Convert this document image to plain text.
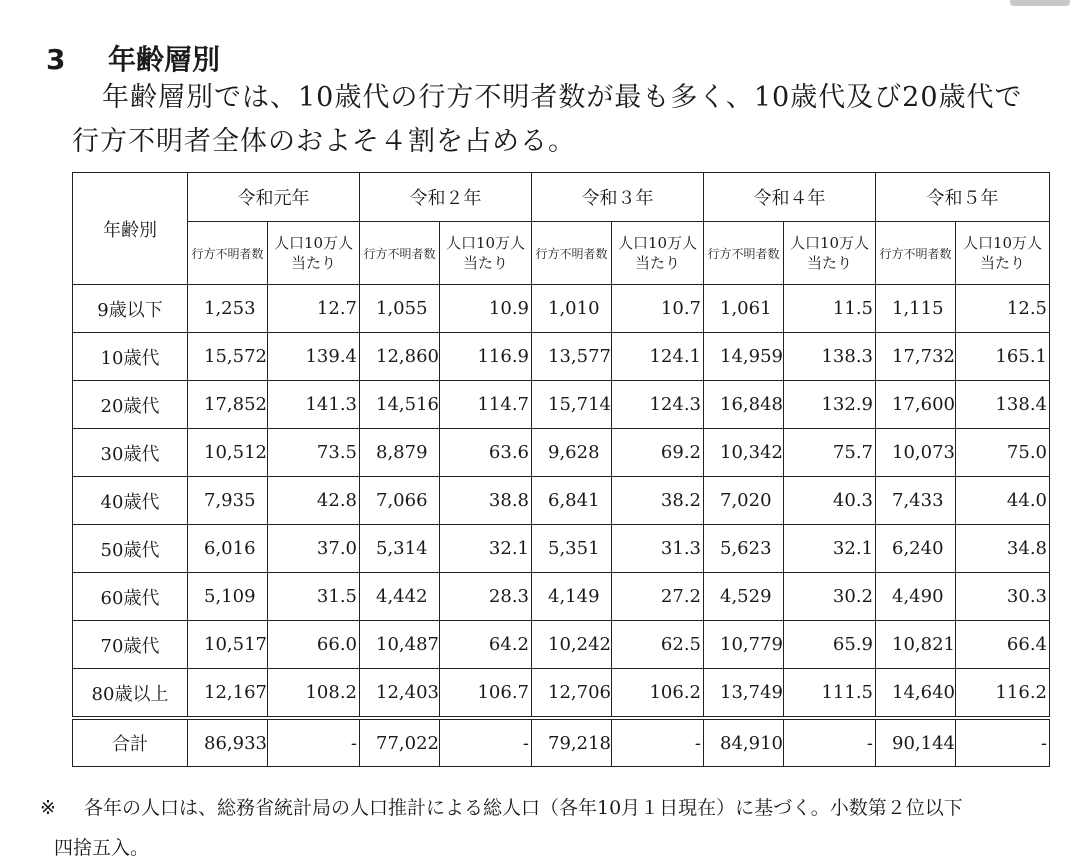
3 年齢層別
年齢層別では、10歳代の行方不明者数が最も多く、10歳代及び20歳代で
行方不明者全体のおよそ４割を占める。
年齢別	令和元年		令和２年		令和３年		令和４年		令和５年	
	行方不明者数	人口10万人当たり	行方不明者数	人口10万人当たり	行方不明者数	人口10万人当たり	行方不明者数	人口10万人当たり	行方不明者数	人口10万人当たり
9歳以下	1,253	12.7	1,055	10.9	1,010	10.7	1,061	11.5	1,115	12.5
10歳代	15,572	139.4	12,860	116.9	13,577	124.1	14,959	138.3	17,732	165.1
20歳代	17,852	141.3	14,516	114.7	15,714	124.3	16,848	132.9	17,600	138.4
30歳代	10,512	73.5	8,879	63.6	9,628	69.2	10,342	75.7	10,073	75.0
40歳代	7,935	42.8	7,066	38.8	6,841	38.2	7,020	40.3	7,433	44.0
50歳代	6,016	37.0	5,314	32.1	5,351	31.3	5,623	32.1	6,240	34.8
60歳代	5,109	31.5	4,442	28.3	4,149	27.2	4,529	30.2	4,490	30.3
70歳代	10,517	66.0	10,487	64.2	10,242	62.5	10,779	65.9	10,821	66.4
80歳以上	12,167	108.2	12,403	106.7	12,706	106.2	13,749	111.5	14,640	116.2
合計	86,933	-	77,022	-	79,218	-	84,910	-	90,144	-
※ 各年の人口は、総務省統計局の人口推計による総人口（各年10月１日現在）に基づく。小数第２位以下
四捨五入。
